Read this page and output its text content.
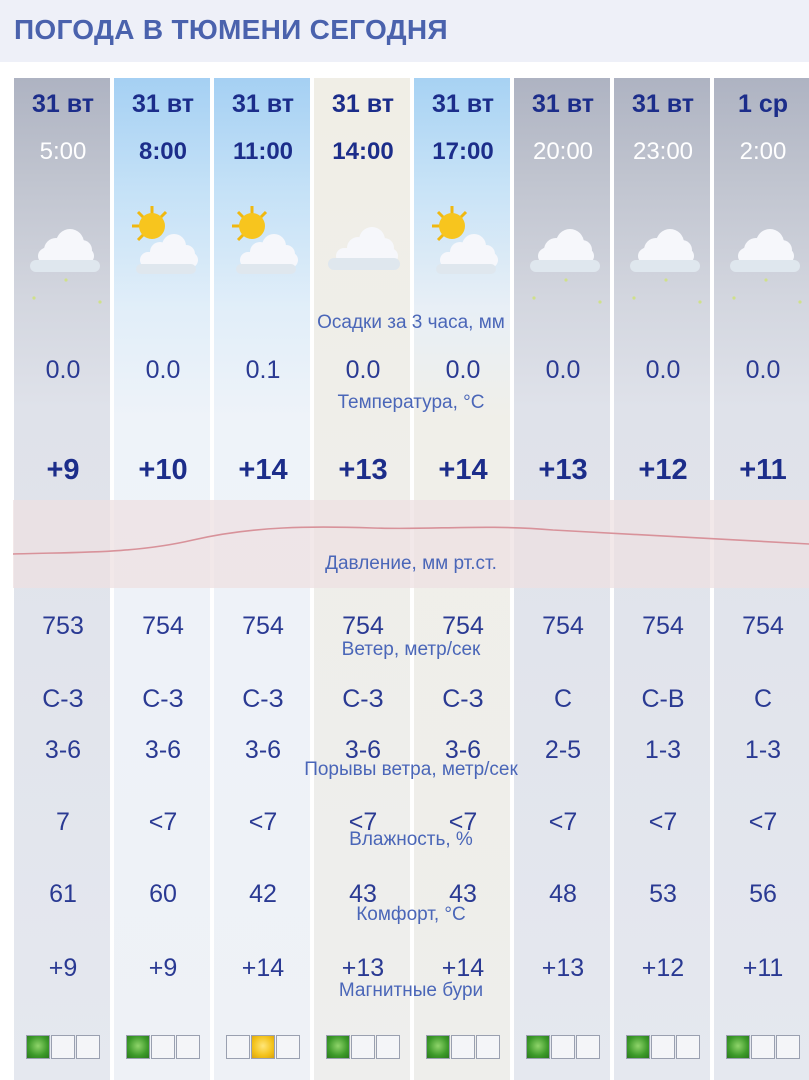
ПОГОДА В ТЮМЕНИ СЕГОДНЯ
31 вт
5:00
0.0
+9
753
С-З
3-6
7
61
+9
31 вт
8:00
0.0
+10
754
С-З
3-6
<7
60
+9
31 вт
11:00
0.1
+14
754
С-З
3-6
<7
42
+14
31 вт
14:00
0.0
+13
754
С-З
3-6
<7
43
+13
31 вт
17:00
0.0
+14
754
С-З
3-6
<7
43
+14
31 вт
20:00
0.0
+13
754
С
2-5
<7
48
+13
31 вт
23:00
0.0
+12
754
С-В
1-3
<7
53
+12
1 ср
2:00
0.0
+11
754
С
1-3
<7
56
+11
Осадки за 3 часа, мм
Температура, °C
Давление, мм рт.ст.
Ветер, метр/сек
Порывы ветра, метр/сек
Влажность, %
Комфорт, °C
Магнитные бури
